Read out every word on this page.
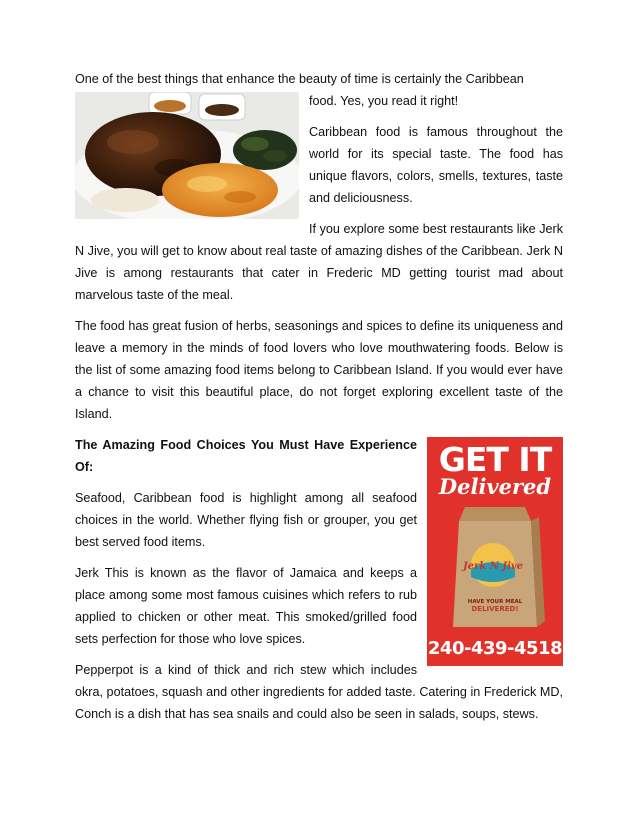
One of the best things that enhance the beauty of time is certainly the Caribbean

food. Yes, you read it right!

Caribbean food is famous throughout the world for its special taste. The food has unique flavors, colors, smells, textures, taste and deliciousness.

If you explore some best restaurants like Jerk N Jive, you will get to know about real taste of amazing dishes of the Caribbean. Jerk N Jive is among restaurants that cater in Frederic MD getting tourist mad about marvelous taste of the meal.

The food has great fusion of herbs, seasonings and spices to define its uniqueness and leave a memory in the minds of food lovers who love mouthwatering foods. Below is the list of some amazing food items belong to Caribbean Island. If you would ever have a chance to visit this beautiful place, do not forget exploring excellent taste of the Island.

GET IT
Delivered
Jerk N Jive
HAVE YOUR MEAL
DELIVERED!
240-439-4518

The Amazing Food Choices You Must Have Experience Of:

Seafood, Caribbean food is highlight among all seafood choices in the world. Whether flying fish or grouper, you get best served food items.

Jerk This is known as the flavor of Jamaica and keeps a place among some most famous cuisines which refers to rub applied to chicken or other meat. This smoked/grilled food sets perfection for those who love spices.

Pepperpot is a kind of thick and rich stew which includes okra, potatoes, squash and other ingredients for added taste. Catering in Frederick MD, Conch is a dish that has sea snails and could also be seen in salads, soups, stews.
